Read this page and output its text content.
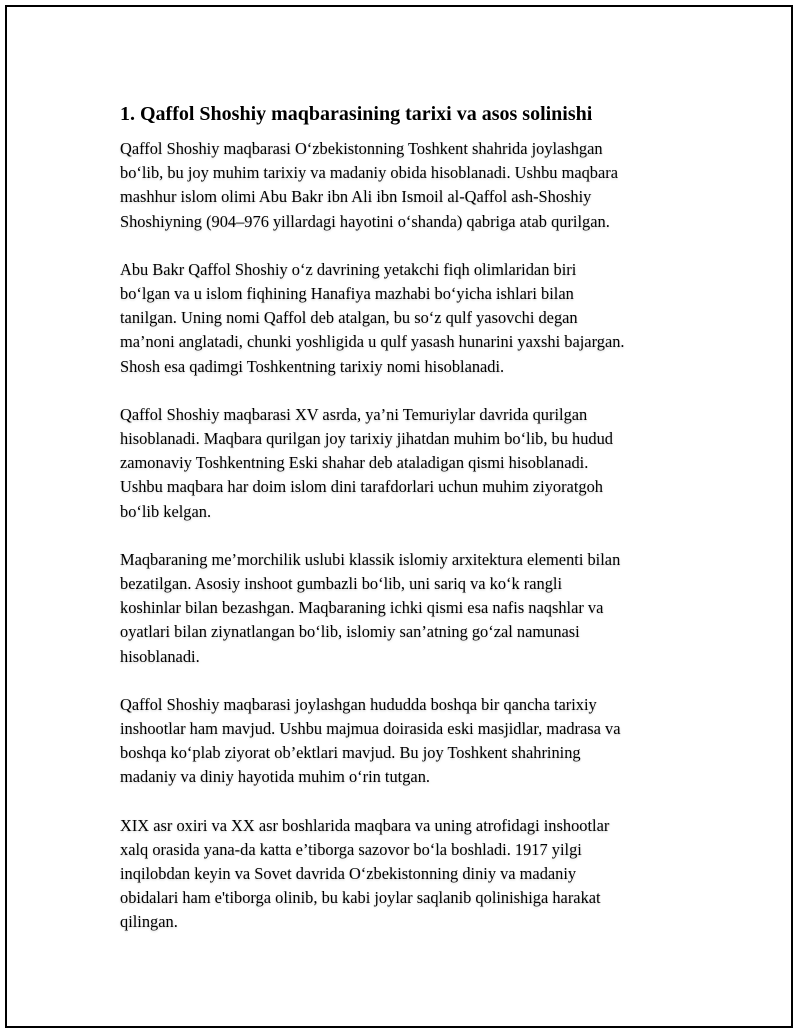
1. Qaffol Shoshiy maqbarasining tarixi va asos solinishi

Qaffol Shoshiy maqbarasi O‘zbekistonning Toshkent shahrida joylashgan
bo‘lib, bu joy muhim tarixiy va madaniy obida hisoblanadi. Ushbu maqbara
mashhur islom olimi Abu Bakr ibn Ali ibn Ismoil al-Qaffol ash-Shoshiy
Shoshiyning (904–976 yillardagi hayotini o‘shanda) qabriga atab qurilgan.

Abu Bakr Qaffol Shoshiy o‘z davrining yetakchi fiqh olimlaridan biri
bo‘lgan va u islom fiqhining Hanafiya mazhabi bo‘yicha ishlari bilan
tanilgan. Uning nomi Qaffol deb atalgan, bu so‘z qulf yasovchi degan
ma’noni anglatadi, chunki yoshligida u qulf yasash hunarini yaxshi bajargan.
Shosh esa qadimgi Toshkentning tarixiy nomi hisoblanadi.

Qaffol Shoshiy maqbarasi XV asrda, ya’ni Temuriylar davrida qurilgan
hisoblanadi. Maqbara qurilgan joy tarixiy jihatdan muhim bo‘lib, bu hudud
zamonaviy Toshkentning Eski shahar deb ataladigan qismi hisoblanadi.
Ushbu maqbara har doim islom dini tarafdorlari uchun muhim ziyoratgoh
bo‘lib kelgan.

Maqbaraning me’morchilik uslubi klassik islomiy arxitektura elementi bilan
bezatilgan. Asosiy inshoot gumbazli bo‘lib, uni sariq va ko‘k rangli
koshinlar bilan bezashgan. Maqbaraning ichki qismi esa nafis naqshlar va
oyatlari bilan ziynatlangan bo‘lib, islomiy san’atning go‘zal namunasi
hisoblanadi.

Qaffol Shoshiy maqbarasi joylashgan hududda boshqa bir qancha tarixiy
inshootlar ham mavjud. Ushbu majmua doirasida eski masjidlar, madrasa va
boshqa ko‘plab ziyorat ob’ektlari mavjud. Bu joy Toshkent shahrining
madaniy va diniy hayotida muhim o‘rin tutgan.

XIX asr oxiri va XX asr boshlarida maqbara va uning atrofidagi inshootlar
xalq orasida yana-da katta e’tiborga sazovor bo‘la boshladi. 1917 yilgi
inqilobdan keyin va Sovet davrida O‘zbekistonning diniy va madaniy
obidalari ham e'tiborga olinib, bu kabi joylar saqlanib qolinishiga harakat
qilingan.
